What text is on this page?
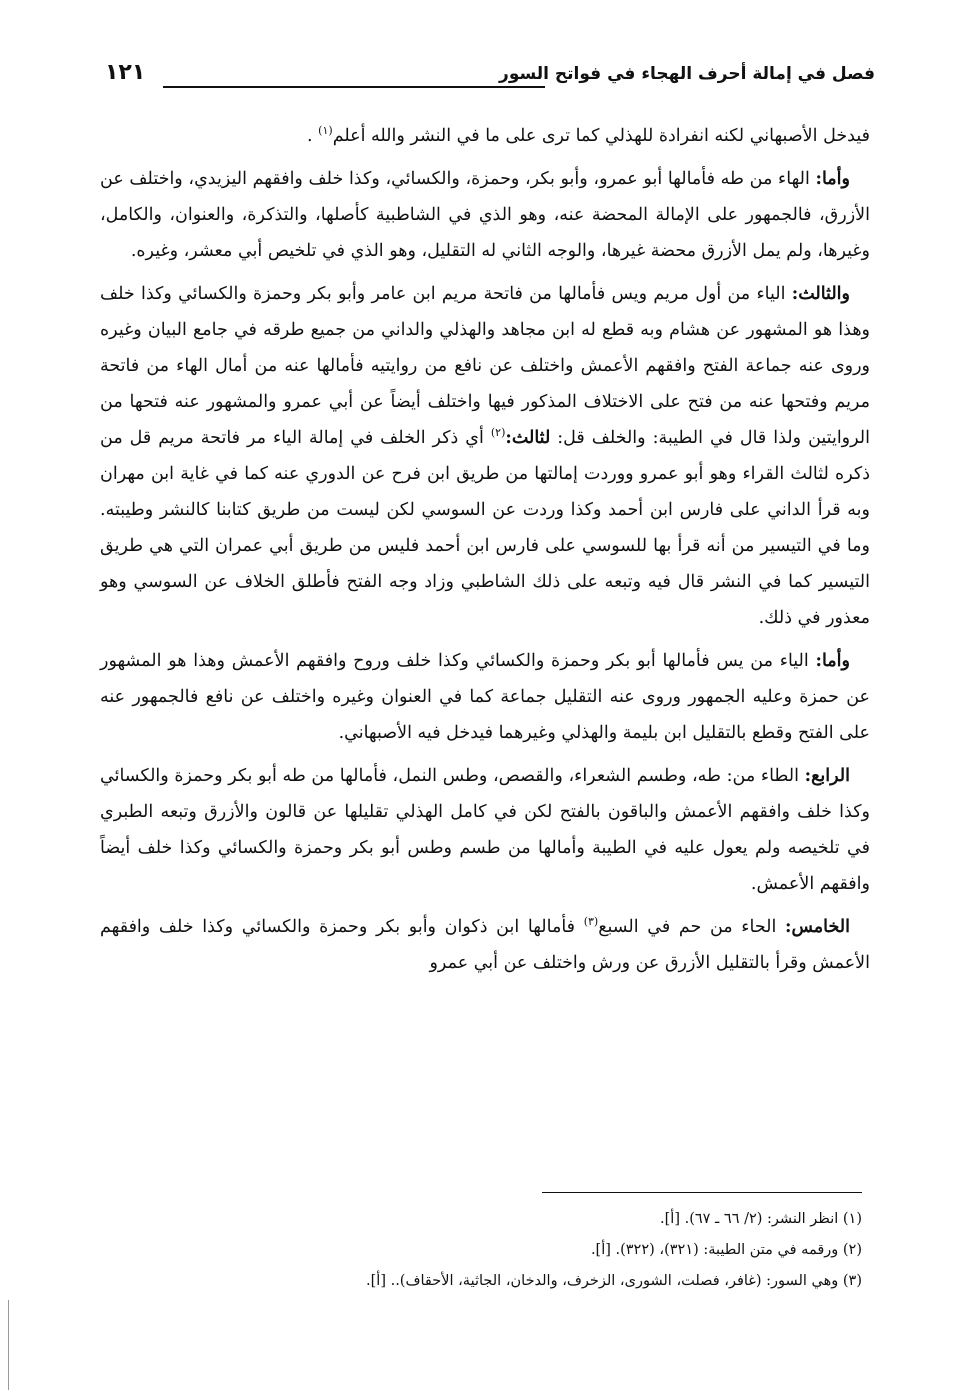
فصل في إمالة أحرف الهجاء في فواتح السور
١٢١

فيدخل الأصبهاني لكنه انفرادة للهذلي كما ترى على ما في النشر والله أعلم$^{(١)}$ .

وأما: الهاء من طه فأمالها أبو عمرو، وأبو بكر، وحمزة، والكسائي، وكذا خلف وافقهم اليزيدي، واختلف عن الأزرق، فالجمهور على الإمالة المحضة عنه، وهو الذي في الشاطبية كأصلها، والتذكرة، والعنوان، والكامل، وغيرها، ولم يمل الأزرق محضة غيرها، والوجه الثاني له التقليل، وهو الذي في تلخيص أبي معشر، وغيره.

والثالث: الياء من أول مريم ويس فأمالها من فاتحة مريم ابن عامر وأبو بكر وحمزة والكسائي وكذا خلف وهذا هو المشهور عن هشام وبه قطع له ابن مجاهد والهذلي والداني من جميع طرقه في جامع البيان وغيره وروى عنه جماعة الفتح وافقهم الأعمش واختلف عن نافع من روايتيه فأمالها عنه من أمال الهاء من فاتحة مريم وفتحها عنه من فتح على الاختلاف المذكور فيها واختلف أيضاً عن أبي عمرو والمشهور عنه فتحها من الروايتين ولذا قال في الطيبة: والخلف قل: لثالث:$^{(٢)}$ أي ذكر الخلف في إمالة الياء مر فاتحة مريم قل من ذكره لثالث القراء وهو أبو عمرو ووردت إمالتها من طريق ابن فرح عن الدوري عنه كما في غاية ابن مهران وبه قرأ الداني على فارس ابن أحمد وكذا وردت عن السوسي لكن ليست من طريق كتابنا كالنشر وطيبته. وما في التيسير من أنه قرأ بها للسوسي على فارس ابن أحمد فليس من طريق أبي عمران التي هي طريق التيسير كما في النشر قال فيه وتبعه على ذلك الشاطبي وزاد وجه الفتح فأطلق الخلاف عن السوسي وهو معذور في ذلك.

وأما: الياء من يس فأمالها أبو بكر وحمزة والكسائي وكذا خلف وروح وافقهم الأعمش وهذا هو المشهور عن حمزة وعليه الجمهور وروى عنه التقليل جماعة كما في العنوان وغيره واختلف عن نافع فالجمهور عنه على الفتح وقطع بالتقليل ابن بليمة والهذلي وغيرهما فيدخل فيه الأصبهاني.

الرابع: الطاء من: طه، وطسم الشعراء، والقصص، وطس النمل، فأمالها من طه أبو بكر وحمزة والكسائي وكذا خلف وافقهم الأعمش والباقون بالفتح لكن في كامل الهذلي تقليلها عن قالون والأزرق وتبعه الطبري في تلخيصه ولم يعول عليه في الطيبة وأمالها من طسم وطس أبو بكر وحمزة والكسائي وكذا خلف أيضاً وافقهم الأعمش.

الخامس: الحاء من حم في السبع$^{(٣)}$ فأمالها ابن ذكوان وأبو بكر وحمزة والكسائي وكذا خلف وافقهم الأعمش وقرأ بالتقليل الأزرق عن ورش واختلف عن أبي عمرو

(١) انظر النشر: (٢/ ٦٦ ـ ٦٧). [أ].

(٢) ورقمه في متن الطيبة: (٣٢١)، (٣٢٢). [أ].

(٣) وهي السور: (غافر، فصلت، الشورى، الزخرف، والدخان، الجاثية، الأحقاف).. [أ].
